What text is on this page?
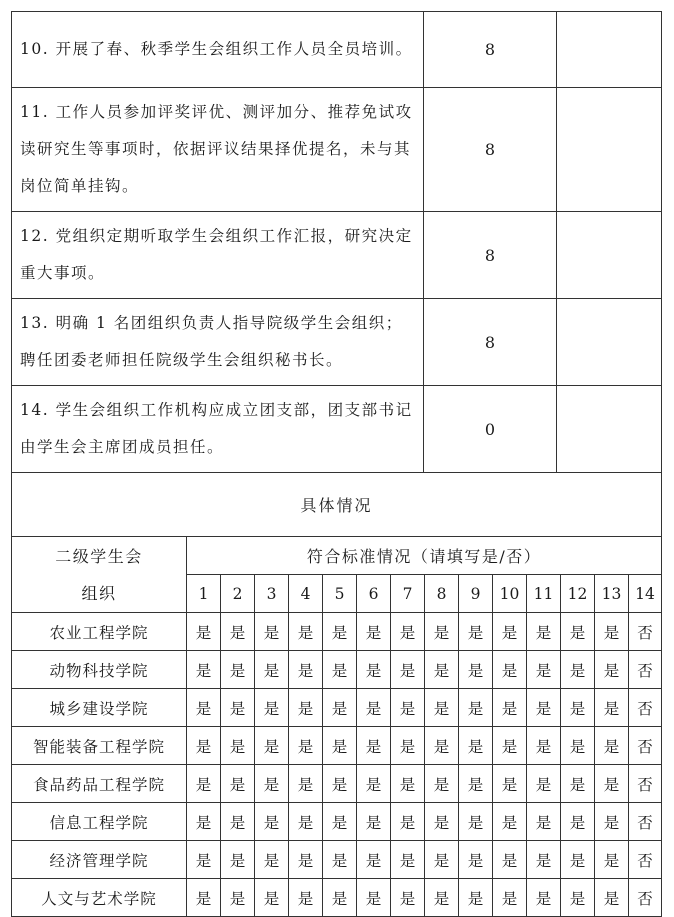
10. 开展了春、秋季学生会组织工作人员全员培训。	8	
11. 工作人员参加评奖评优、测评加分、推荐免试攻读研究生等事项时，依据评议结果择优提名，未与其岗位简单挂钩。	8	
12. 党组织定期听取学生会组织工作汇报，研究决定重大事项。	8	
13. 明确 1 名团组织负责人指导院级学生会组织；聘任团委老师担任院级学生会组织秘书长。	8	
14. 学生会组织工作机构应成立团支部，团支部书记由学生会主席团成员担任。	0	
具体情况		
二级学生会
组织	符合标准情况（请填写是/否）													
	1	2	3	4	5	6	7	8	9	10	11	12	13	14
农业工程学院	是	是	是	是	是	是	是	是	是	是	是	是	是	否
动物科技学院	是	是	是	是	是	是	是	是	是	是	是	是	是	否
城乡建设学院	是	是	是	是	是	是	是	是	是	是	是	是	是	否
智能装备工程学院	是	是	是	是	是	是	是	是	是	是	是	是	是	否
食品药品工程学院	是	是	是	是	是	是	是	是	是	是	是	是	是	否
信息工程学院	是	是	是	是	是	是	是	是	是	是	是	是	是	否
经济管理学院	是	是	是	是	是	是	是	是	是	是	是	是	是	否
人文与艺术学院	是	是	是	是	是	是	是	是	是	是	是	是	是	否
